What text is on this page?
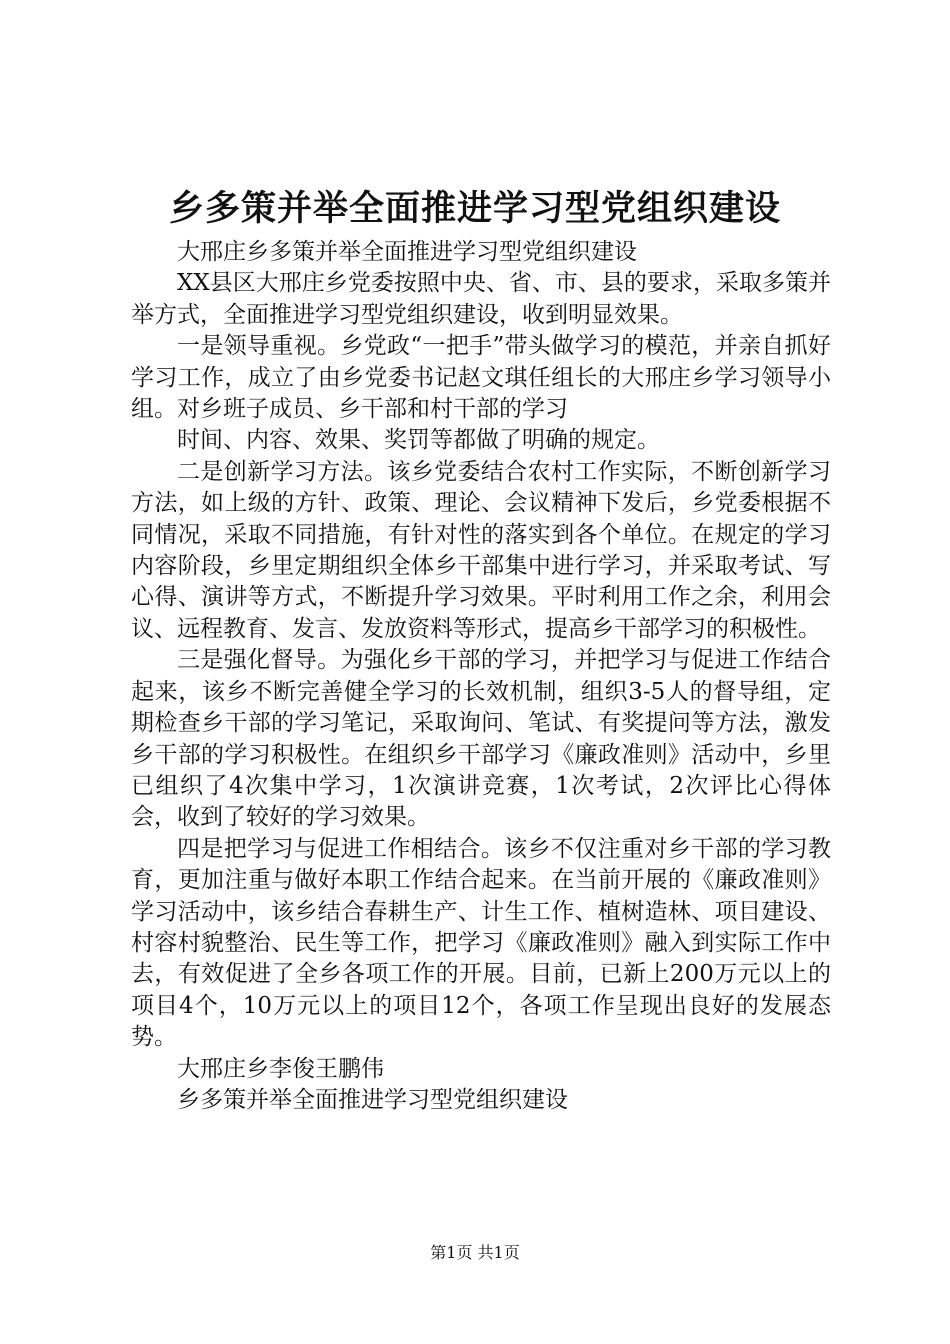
乡多策并举全面推进学习型党组织建设

大邢庄乡多策并举全面推进学习型党组织建设

XX县区大邢庄乡党委按照中央、省、市、县的要求，采取多策并举方式，全面推进学习型党组织建设，收到明显效果。

一是领导重视。乡党政“一把手”带头做学习的模范，并亲自抓好学习工作，成立了由乡党委书记赵文琪任组长的大邢庄乡学习领导小组。对乡班子成员、乡干部和村干部的学习

时间、内容、效果、奖罚等都做了明确的规定。

二是创新学习方法。该乡党委结合农村工作实际，不断创新学习方法，如上级的方针、政策、理论、会议精神下发后，乡党委根据不同情况，采取不同措施，有针对性的落实到各个单位。在规定的学习内容阶段，乡里定期组织全体乡干部集中进行学习，并采取考试、写心得、演讲等方式，不断提升学习效果。平时利用工作之余，利用会议、远程教育、发言、发放资料等形式，提高乡干部学习的积极性。

三是强化督导。为强化乡干部的学习，并把学习与促进工作结合起来，该乡不断完善健全学习的长效机制，组织3-5人的督导组，定期检查乡干部的学习笔记，采取询问、笔试、有奖提问等方法，激发乡干部的学习积极性。在组织乡干部学习《廉政准则》活动中，乡里已组织了4次集中学习，1次演讲竞赛，1次考试，2次评比心得体会，收到了较好的学习效果。

四是把学习与促进工作相结合。该乡不仅注重对乡干部的学习教育，更加注重与做好本职工作结合起来。在当前开展的《廉政准则》学习活动中，该乡结合春耕生产、计生工作、植树造林、项目建设、村容村貌整治、民生等工作，把学习《廉政准则》融入到实际工作中去，有效促进了全乡各项工作的开展。目前，已新上200万元以上的项目4个，10万元以上的项目12个，各项工作呈现出良好的发展态势。

大邢庄乡李俊王鹏伟

乡多策并举全面推进学习型党组织建设

第1页 共1页
